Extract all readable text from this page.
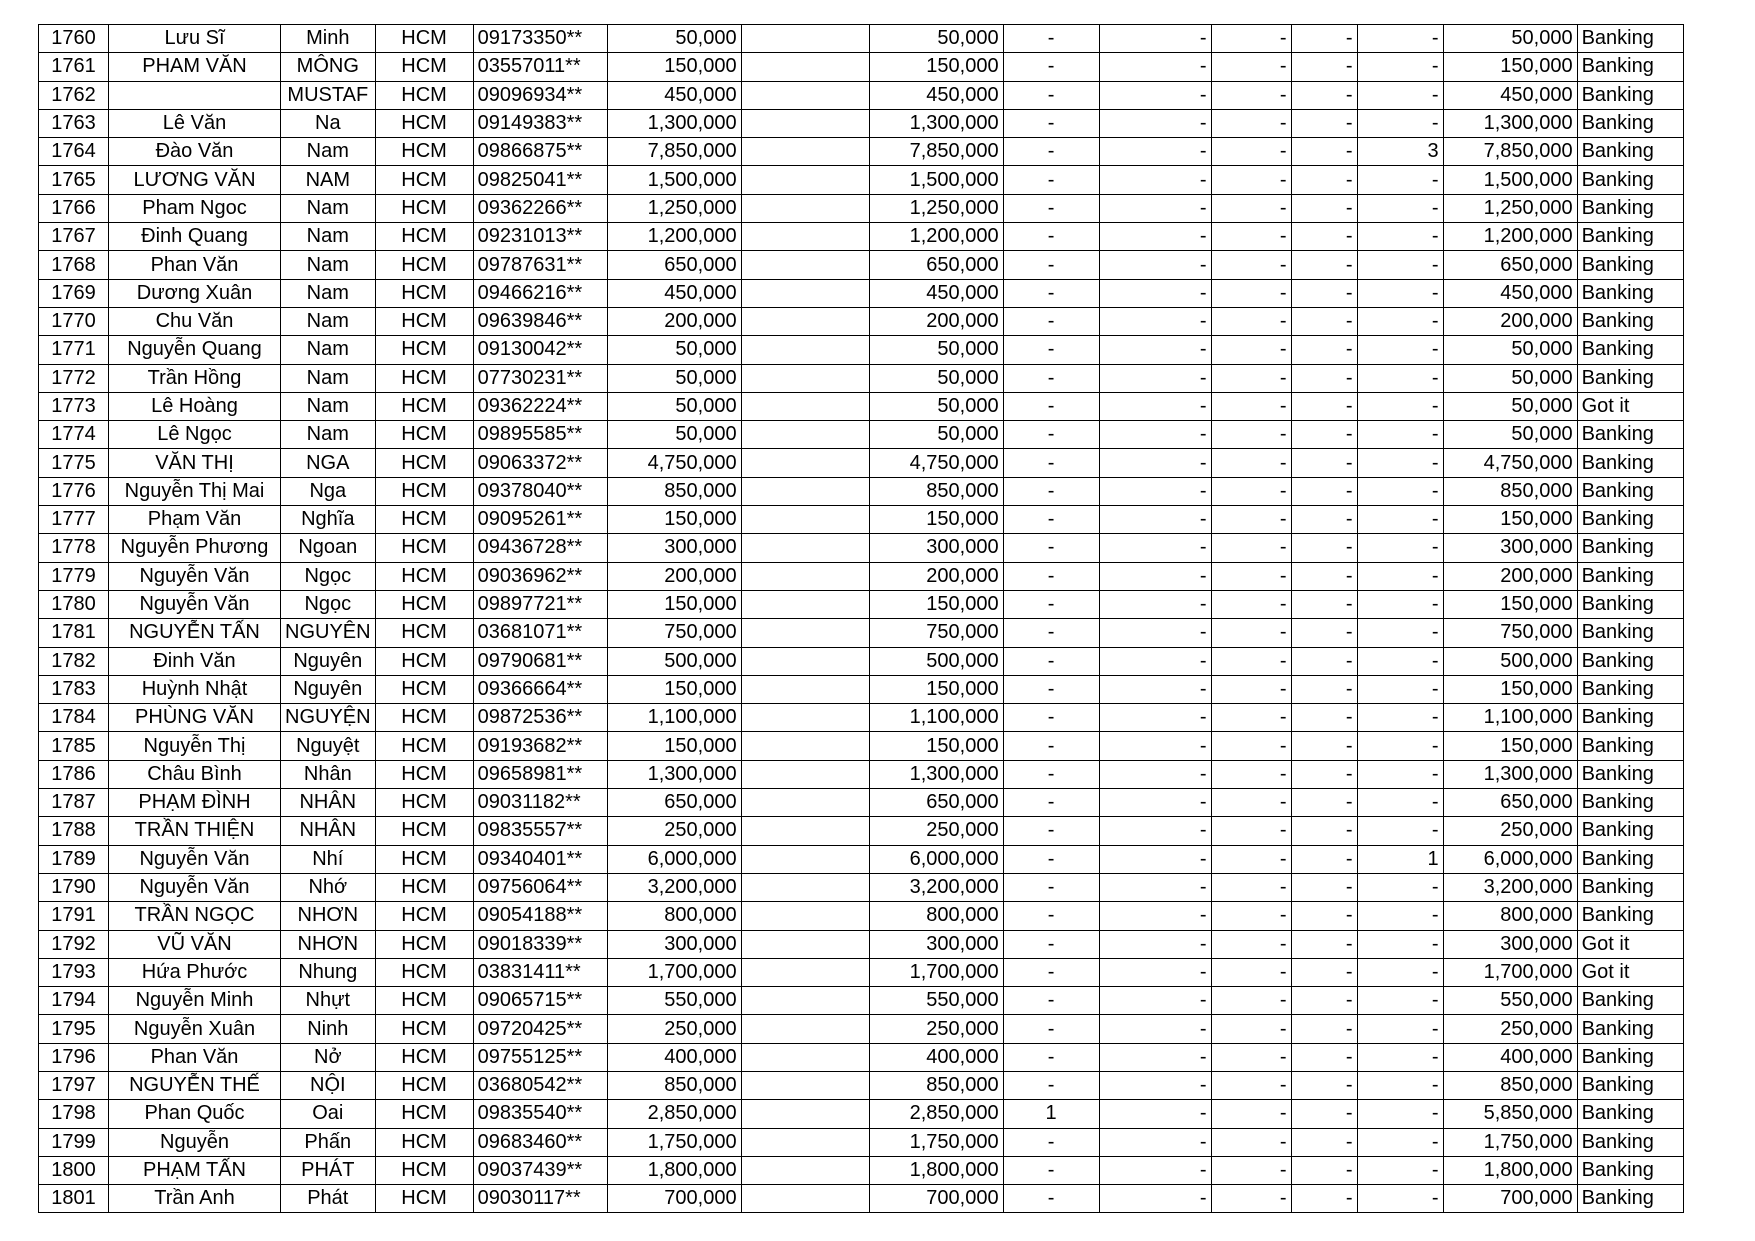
1760	Lưu Sĩ	Minh	HCM	09173350**	50,000		50,000	-	-	-	-	-	50,000	Banking
1761	PHAM VĂN	MÔNG	HCM	03557011**	150,000		150,000	-	-	-	-	-	150,000	Banking
1762		MUSTAF	HCM	09096934**	450,000		450,000	-	-	-	-	-	450,000	Banking
1763	Lê Văn	Na	HCM	09149383**	1,300,000		1,300,000	-	-	-	-	-	1,300,000	Banking
1764	Đào Văn	Nam	HCM	09866875**	7,850,000		7,850,000	-	-	-	-	3	7,850,000	Banking
1765	LƯƠNG VĂN	NAM	HCM	09825041**	1,500,000		1,500,000	-	-	-	-	-	1,500,000	Banking
1766	Pham Ngoc	Nam	HCM	09362266**	1,250,000		1,250,000	-	-	-	-	-	1,250,000	Banking
1767	Đinh Quang	Nam	HCM	09231013**	1,200,000		1,200,000	-	-	-	-	-	1,200,000	Banking
1768	Phan Văn	Nam	HCM	09787631**	650,000		650,000	-	-	-	-	-	650,000	Banking
1769	Dương Xuân	Nam	HCM	09466216**	450,000		450,000	-	-	-	-	-	450,000	Banking
1770	Chu Văn	Nam	HCM	09639846**	200,000		200,000	-	-	-	-	-	200,000	Banking
1771	Nguyễn Quang	Nam	HCM	09130042**	50,000		50,000	-	-	-	-	-	50,000	Banking
1772	Trần Hồng	Nam	HCM	07730231**	50,000		50,000	-	-	-	-	-	50,000	Banking
1773	Lê Hoàng	Nam	HCM	09362224**	50,000		50,000	-	-	-	-	-	50,000	Got it
1774	Lê Ngọc	Nam	HCM	09895585**	50,000		50,000	-	-	-	-	-	50,000	Banking
1775	VĂN THỊ	NGA	HCM	09063372**	4,750,000		4,750,000	-	-	-	-	-	4,750,000	Banking
1776	Nguyễn Thị Mai	Nga	HCM	09378040**	850,000		850,000	-	-	-	-	-	850,000	Banking
1777	Phạm Văn	Nghĩa	HCM	09095261**	150,000		150,000	-	-	-	-	-	150,000	Banking
1778	Nguyễn Phương	Ngoan	HCM	09436728**	300,000		300,000	-	-	-	-	-	300,000	Banking
1779	Nguyễn Văn	Ngọc	HCM	09036962**	200,000		200,000	-	-	-	-	-	200,000	Banking
1780	Nguyễn Văn	Ngọc	HCM	09897721**	150,000		150,000	-	-	-	-	-	150,000	Banking
1781	NGUYỄN TẤN	NGUYÊN	HCM	03681071**	750,000		750,000	-	-	-	-	-	750,000	Banking
1782	Đinh Văn	Nguyên	HCM	09790681**	500,000		500,000	-	-	-	-	-	500,000	Banking
1783	Huỳnh Nhật	Nguyên	HCM	09366664**	150,000		150,000	-	-	-	-	-	150,000	Banking
1784	PHÙNG VĂN	NGUYỆN	HCM	09872536**	1,100,000		1,100,000	-	-	-	-	-	1,100,000	Banking
1785	Nguyễn Thị	Nguyệt	HCM	09193682**	150,000		150,000	-	-	-	-	-	150,000	Banking
1786	Châu Bình	Nhân	HCM	09658981**	1,300,000		1,300,000	-	-	-	-	-	1,300,000	Banking
1787	PHẠM ĐÌNH	NHÂN	HCM	09031182**	650,000		650,000	-	-	-	-	-	650,000	Banking
1788	TRẦN THIỆN	NHÂN	HCM	09835557**	250,000		250,000	-	-	-	-	-	250,000	Banking
1789	Nguyễn Văn	Nhí	HCM	09340401**	6,000,000		6,000,000	-	-	-	-	1	6,000,000	Banking
1790	Nguyễn Văn	Nhớ	HCM	09756064**	3,200,000		3,200,000	-	-	-	-	-	3,200,000	Banking
1791	TRẦN NGỌC	NHƠN	HCM	09054188**	800,000		800,000	-	-	-	-	-	800,000	Banking
1792	VŨ VĂN	NHƠN	HCM	09018339**	300,000		300,000	-	-	-	-	-	300,000	Got it
1793	Hứa Phước	Nhung	HCM	03831411**	1,700,000		1,700,000	-	-	-	-	-	1,700,000	Got it
1794	Nguyễn Minh	Nhựt	HCM	09065715**	550,000		550,000	-	-	-	-	-	550,000	Banking
1795	Nguyễn Xuân	Ninh	HCM	09720425**	250,000		250,000	-	-	-	-	-	250,000	Banking
1796	Phan Văn	Nở	HCM	09755125**	400,000		400,000	-	-	-	-	-	400,000	Banking
1797	NGUYỄN THẾ	NỘI	HCM	03680542**	850,000		850,000	-	-	-	-	-	850,000	Banking
1798	Phan Quốc	Oai	HCM	09835540**	2,850,000		2,850,000	1	-	-	-	-	5,850,000	Banking
1799	Nguyễn	Phấn	HCM	09683460**	1,750,000		1,750,000	-	-	-	-	-	1,750,000	Banking
1800	PHẠM TẤN	PHÁT	HCM	09037439**	1,800,000		1,800,000	-	-	-	-	-	1,800,000	Banking
1801	Trần Anh	Phát	HCM	09030117**	700,000		700,000	-	-	-	-	-	700,000	Banking
